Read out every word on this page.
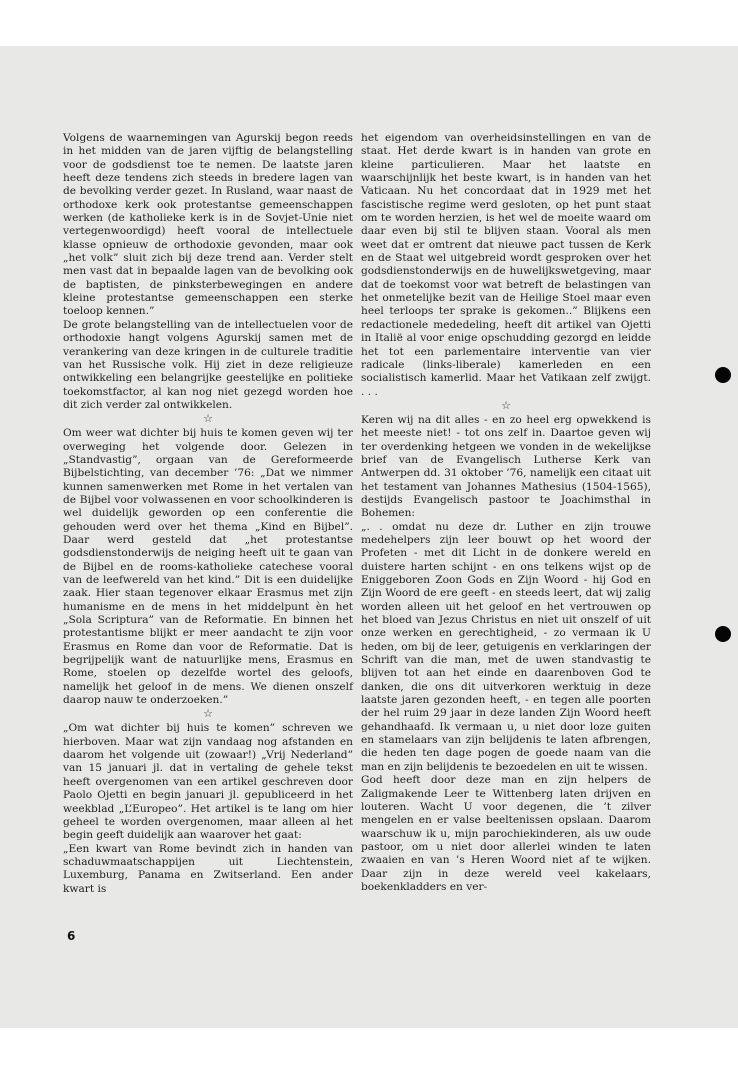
Volgens de waarnemingen van Agurskij begon reeds in het midden van de jaren vijftig de belangstelling voor de godsdienst toe te nemen. De laatste jaren heeft deze tendens zich steeds in bredere lagen van de bevolking verder gezet. In Rusland, waar naast de orthodoxe kerk ook protestantse gemeenschappen werken (de katholieke kerk is in de Sovjet-Unie niet vertegenwoordigd) heeft vooral de intellectuele klasse opnieuw de orthodoxie gevonden, maar ook „het volk” sluit zich bij deze trend aan. Verder stelt men vast dat in bepaalde lagen van de bevolking ook de baptisten, de pinksterbewegingen en andere kleine protestantse gemeenschappen een sterke toeloop kennen.”

De grote belangstelling van de intellectuelen voor de orthodoxie hangt volgens Agurskij samen met de verankering van deze kringen in de culturele traditie van het Russische volk. Hij ziet in deze religieuze ontwikkeling een belangrijke geestelijke en politieke toekomstfactor, al kan nog niet gezegd worden hoe dit zich verder zal ontwikkelen.

☆

Om weer wat dichter bij huis te komen geven wij ter overweging het volgende door. Gelezen in „Standvastig”, orgaan van de Gereformeerde Bijbelstichting, van december ’76: „Dat we nimmer kunnen samenwerken met Rome in het vertalen van de Bijbel voor volwassenen en voor schoolkinderen is wel duidelijk geworden op een conferentie die gehouden werd over het thema „Kind en Bijbel”. Daar werd gesteld dat „het protestantse godsdienstonderwijs de neiging heeft uit te gaan van de Bijbel en de rooms-katholieke catechese vooral van de leefwereld van het kind.” Dit is een duidelijke zaak. Hier staan tegenover elkaar Erasmus met zijn humanisme en de mens in het middelpunt èn het „Sola Scriptura” van de Reformatie. En binnen het protestantisme blijkt er meer aandacht te zijn voor Erasmus en Rome dan voor de Reformatie. Dat is begrijpelijk want de natuurlijke mens, Erasmus en Rome, stoelen op dezelfde wortel des geloofs, namelijk het geloof in de mens. We dienen onszelf daarop nauw te onderzoeken.”

☆

„Om wat dichter bij huis te komen” schreven we hierboven. Maar wat zijn vandaag nog afstanden en daarom het volgende uit (zowaar!) „Vrij Nederland” van 15 januari jl. dat in vertaling de gehele tekst heeft overgenomen van een artikel geschreven door Paolo Ojetti en begin januari jl. gepubliceerd in het weekblad „L’Europeo”. Het artikel is te lang om hier geheel te worden overgenomen, maar alleen al het begin geeft duidelijk aan waarover het gaat:

„Een kwart van Rome bevindt zich in handen van schaduwmaatschappijen uit Liechtenstein, Luxemburg, Panama en Zwitserland. Een ander kwart is

het eigendom van overheidsinstellingen en van de staat. Het derde kwart is in handen van grote en kleine particulieren. Maar het laatste en waarschijnlijk het beste kwart, is in handen van het Vaticaan. Nu het concordaat dat in 1929 met het fascistische regime werd gesloten, op het punt staat om te worden herzien, is het wel de moeite waard om daar even bij stil te blijven staan. Vooral als men weet dat er omtrent dat nieuwe pact tussen de Kerk en de Staat wel uitgebreid wordt gesproken over het godsdienstonderwijs en de huwelijkswetgeving, maar dat de toekomst voor wat betreft de belastingen van het onmetelijke bezit van de Heilige Stoel maar even heel terloops ter sprake is gekomen..” Blijkens een redactionele mededeling, heeft dit artikel van Ojetti in Italië al voor enige opschudding gezorgd en leidde het tot een parlementaire interventie van vier radicale (links-liberale) kamerleden en een socialistisch kamerlid. Maar het Vatikaan zelf zwijgt. . . .

☆

Keren wij na dit alles - en zo heel erg opwekkend is het meeste niet! - tot ons zelf in. Daartoe geven wij ter overdenking hetgeen we vonden in de wekelijkse brief van de Evangelisch Lutherse Kerk van Antwerpen dd. 31 oktober ’76, namelijk een citaat uit het testament van Johannes Mathesius (1504-1565), destijds Evangelisch pastoor te Joachimsthal in Bohemen:

„. . omdat nu deze dr. Luther en zijn trouwe medehelpers zijn leer bouwt op het woord der Profeten - met dit Licht in de donkere wereld en duistere harten schijnt - en ons telkens wijst op de Eniggeboren Zoon Gods en Zijn Woord - hij God en Zijn Woord de ere geeft - en steeds leert, dat wij zalig worden alleen uit het geloof en het vertrouwen op het bloed van Jezus Christus en niet uit onszelf of uit onze werken en gerechtigheid, - zo vermaan ik U heden, om bij de leer, getuigenis en verklaringen der Schrift van die man, met de uwen standvastig te blijven tot aan het einde en daarenboven God te danken, die ons dit uitverkoren werktuig in deze laatste jaren gezonden heeft, - en tegen alle poorten der hel ruim 29 jaar in deze landen Zijn Woord heeft gehandhaafd. Ik vermaan u, u niet door loze guiten en stamelaars van zijn belijdenis te laten afbrengen, die heden ten dage pogen de goede naam van die man en zijn belijdenis te bezoedelen en uit te wissen.

God heeft door deze man en zijn helpers de Zaligmakende Leer te Wittenberg laten drijven en louteren. Wacht U voor degenen, die ’t zilver mengelen en er valse beeltenissen opslaan. Daarom waarschuw ik u, mijn parochiekinderen, als uw oude pastoor, om u niet door allerlei winden te laten zwaaien en van ’s Heren Woord niet af te wijken. Daar zijn in deze wereld veel kakelaars, boekenkladders en ver-

6
